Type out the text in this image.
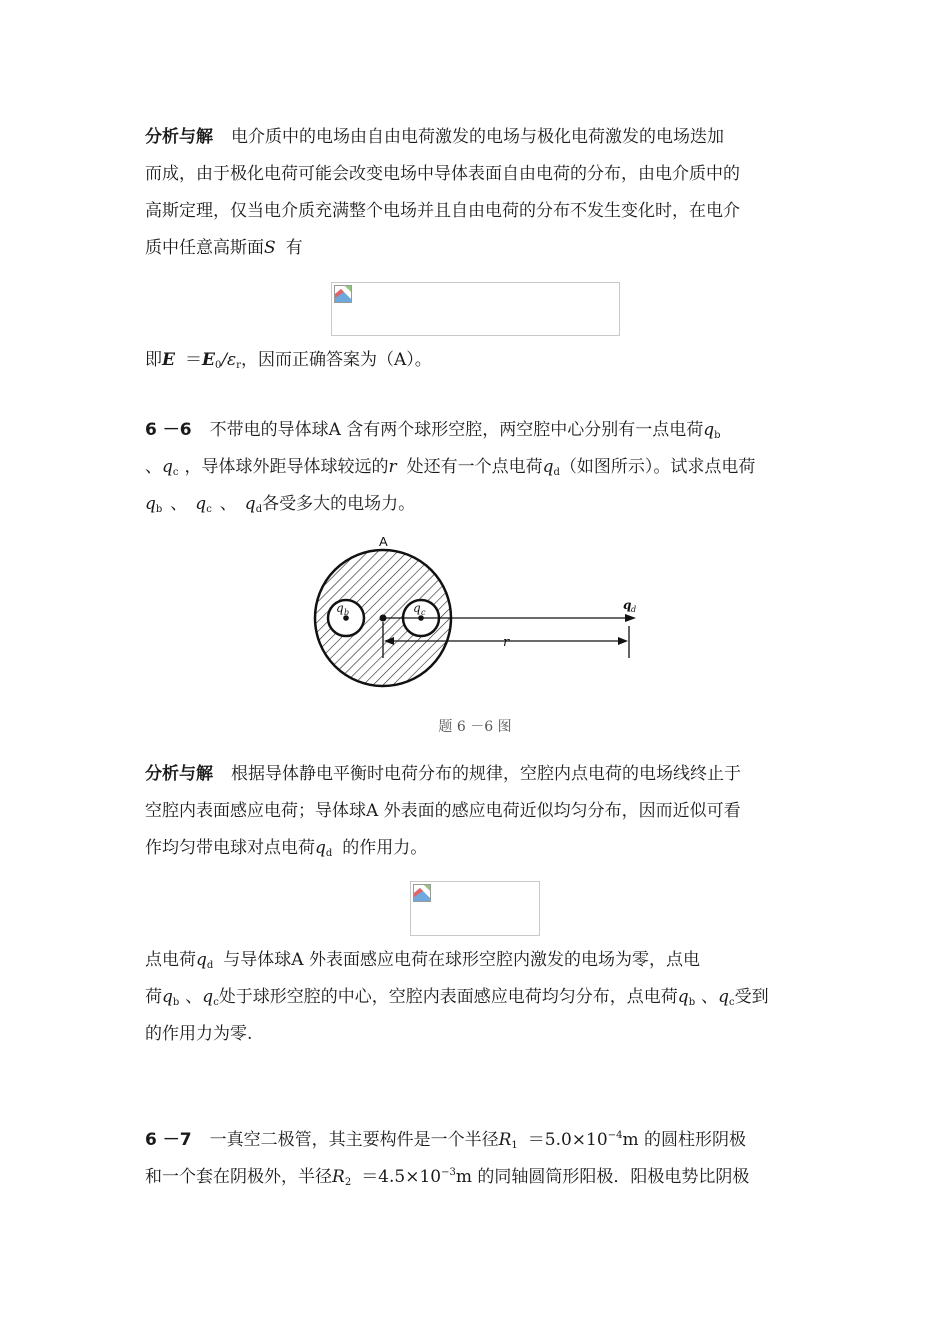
分析与解 电介质中的电场由自由电荷激发的电场与极化电荷激发的电场迭加
而成，由于极化电荷可能会改变电场中导体表面自由电荷的分布，由电介质中的
高斯定理，仅当电介质充满整个电场并且自由电荷的分布不发生变化时，在电介
质中任意高斯面S 有
即$E =E_0/\varepsilon_r$，因而正确答案为（A）。
6 －6 不带电的导体球A 含有两个球形空腔，两空腔中心分别有一点电荷$q_b$
、$q_c$ ，导体球外距导体球较远的r 处还有一个点电荷$q_d$（如图所示）。试求点电荷
$q_b$ 、 $q_c$ 、 $q_d$各受多大的电场力。
A
q b	q c
q d
r
题 6 －6 图
分析与解 根据导体静电平衡时电荷分布的规律，空腔内点电荷的电场线终止于
空腔内表面感应电荷；导体球A 外表面的感应电荷近似均匀分布，因而近似可看
作均匀带电球对点电荷$q_d$ 的作用力。
点电荷$q_d$ 与导体球A 外表面感应电荷在球形空腔内激发的电场为零，点电
荷$q_b$ 、$q_c$处于球形空腔的中心，空腔内表面感应电荷均匀分布，点电荷$q_b$ 、$q_c$受到
的作用力为零.
6 －7 一真空二极管，其主要构件是一个半径$R_1 =5.0\times 10^{-4}m$ 的圆柱形阴极
和一个套在阴极外，半径$R_2 =4.5\times 10^{-3}m$ 的同轴圆筒形阳极．阳极电势比阴极
